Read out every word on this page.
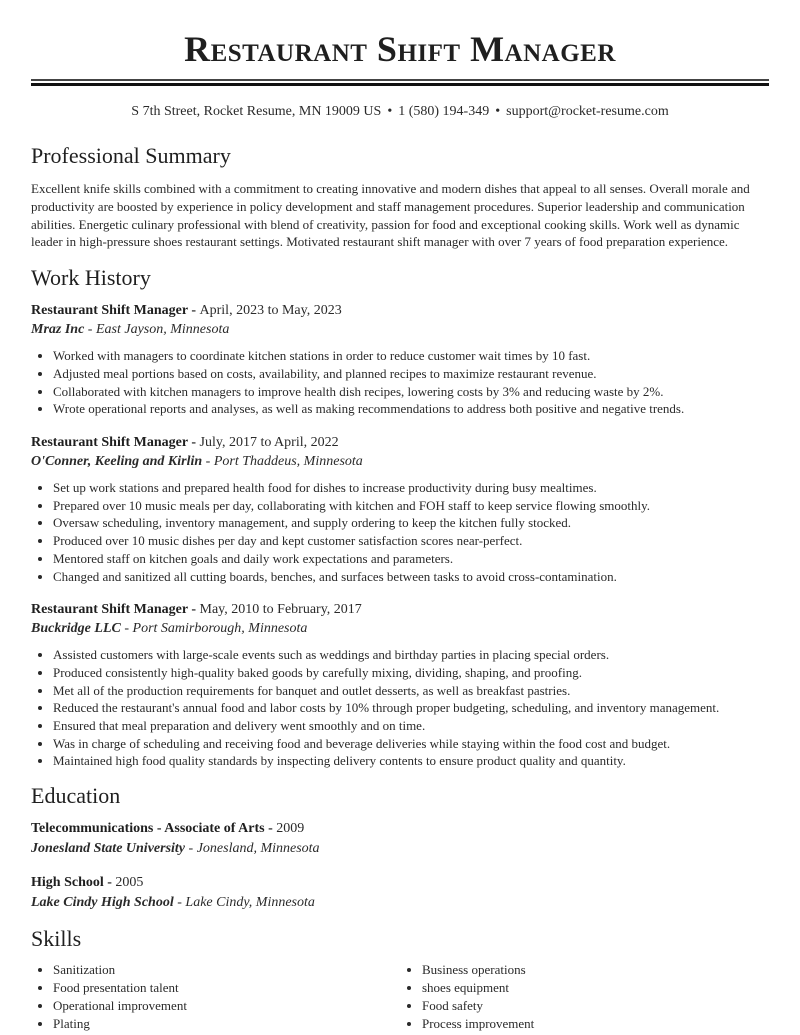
Restaurant Shift Manager
S 7th Street, Rocket Resume, MN 19009 US • 1 (580) 194-349 • support@rocket-resume.com
Professional Summary

Excellent knife skills combined with a commitment to creating innovative and modern dishes that appeal to all senses. Overall morale and productivity are boosted by experience in policy development and staff management procedures. Superior leadership and communication abilities. Energetic culinary professional with blend of creativity, passion for food and exceptional cooking skills. Work well as dynamic leader in high-pressure shoes restaurant settings. Motivated restaurant shift manager with over 7 years of food preparation experience.

Work History
Restaurant Shift Manager - April, 2023 to May, 2023
Mraz Inc - East Jayson, Minnesota
• Worked with managers to coordinate kitchen stations in order to reduce customer wait times by 10 fast.
• Adjusted meal portions based on costs, availability, and planned recipes to maximize restaurant revenue.
• Collaborated with kitchen managers to improve health dish recipes, lowering costs by 3% and reducing waste by 2%.
• Wrote operational reports and analyses, as well as making recommendations to address both positive and negative trends.
Restaurant Shift Manager - July, 2017 to April, 2022
O'Conner, Keeling and Kirlin - Port Thaddeus, Minnesota
• Set up work stations and prepared health food for dishes to increase productivity during busy mealtimes.
• Prepared over 10 music meals per day, collaborating with kitchen and FOH staff to keep service flowing smoothly.
• Oversaw scheduling, inventory management, and supply ordering to keep the kitchen fully stocked.
• Produced over 10 music dishes per day and kept customer satisfaction scores near-perfect.
• Mentored staff on kitchen goals and daily work expectations and parameters.
• Changed and sanitized all cutting boards, benches, and surfaces between tasks to avoid cross-contamination.
Restaurant Shift Manager - May, 2010 to February, 2017
Buckridge LLC - Port Samirborough, Minnesota
• Assisted customers with large-scale events such as weddings and birthday parties in placing special orders.
• Produced consistently high-quality baked goods by carefully mixing, dividing, shaping, and proofing.
• Met all of the production requirements for banquet and outlet desserts, as well as breakfast pastries.
• Reduced the restaurant's annual food and labor costs by 10% through proper budgeting, scheduling, and inventory management.
• Ensured that meal preparation and delivery went smoothly and on time.
• Was in charge of scheduling and receiving food and beverage deliveries while staying within the food cost and budget.
• Maintained high food quality standards by inspecting delivery contents to ensure product quality and quantity.
Education
Telecommunications - Associate of Arts - 2009
Jonesland State University - Jonesland, Minnesota
High School - 2005
Lake Cindy High School - Lake Cindy, Minnesota
Skills
• Sanitization
• Food presentation talent
• Operational improvement
• Plating
• Business operations
• shoes equipment
• Food safety
• Process improvement
